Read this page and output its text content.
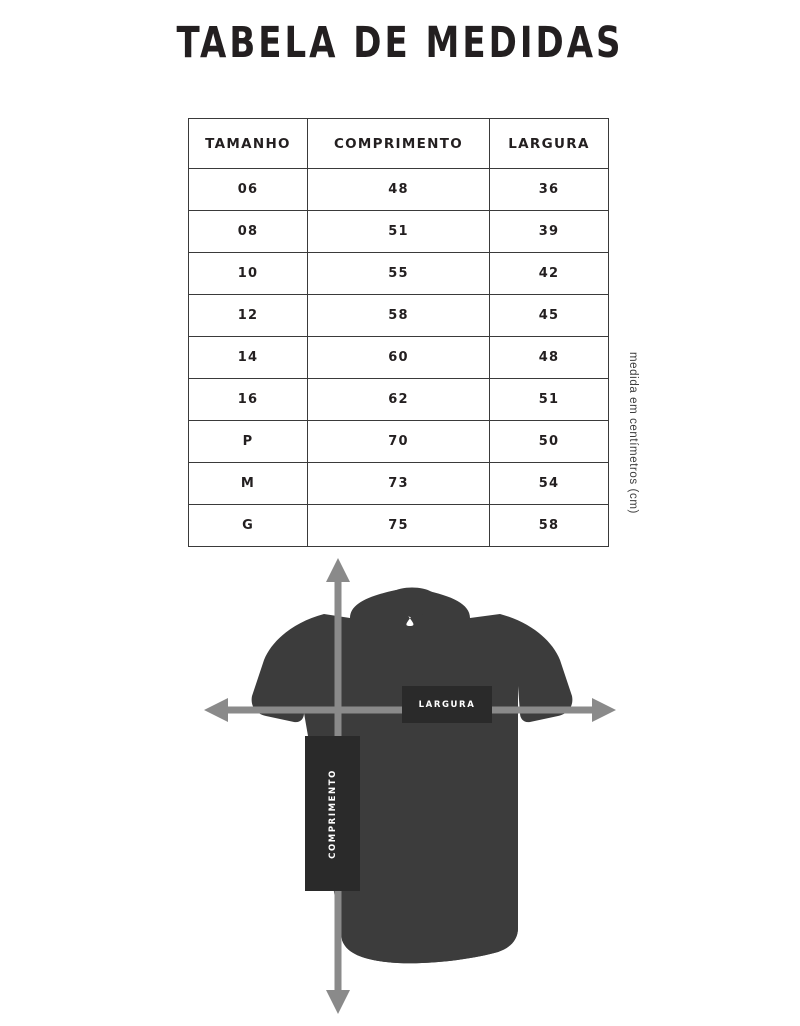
TABELA DE MEDIDAS
TAMANHO	COMPRIMENTO	LARGURA
06	48	36
08	51	39
10	55	42
12	58	45
14	60	48
16	62	51
P	70	50
M	73	54
G	75	58
medida em centímetros (cm)
LARGURA
COMPRIMENTO
